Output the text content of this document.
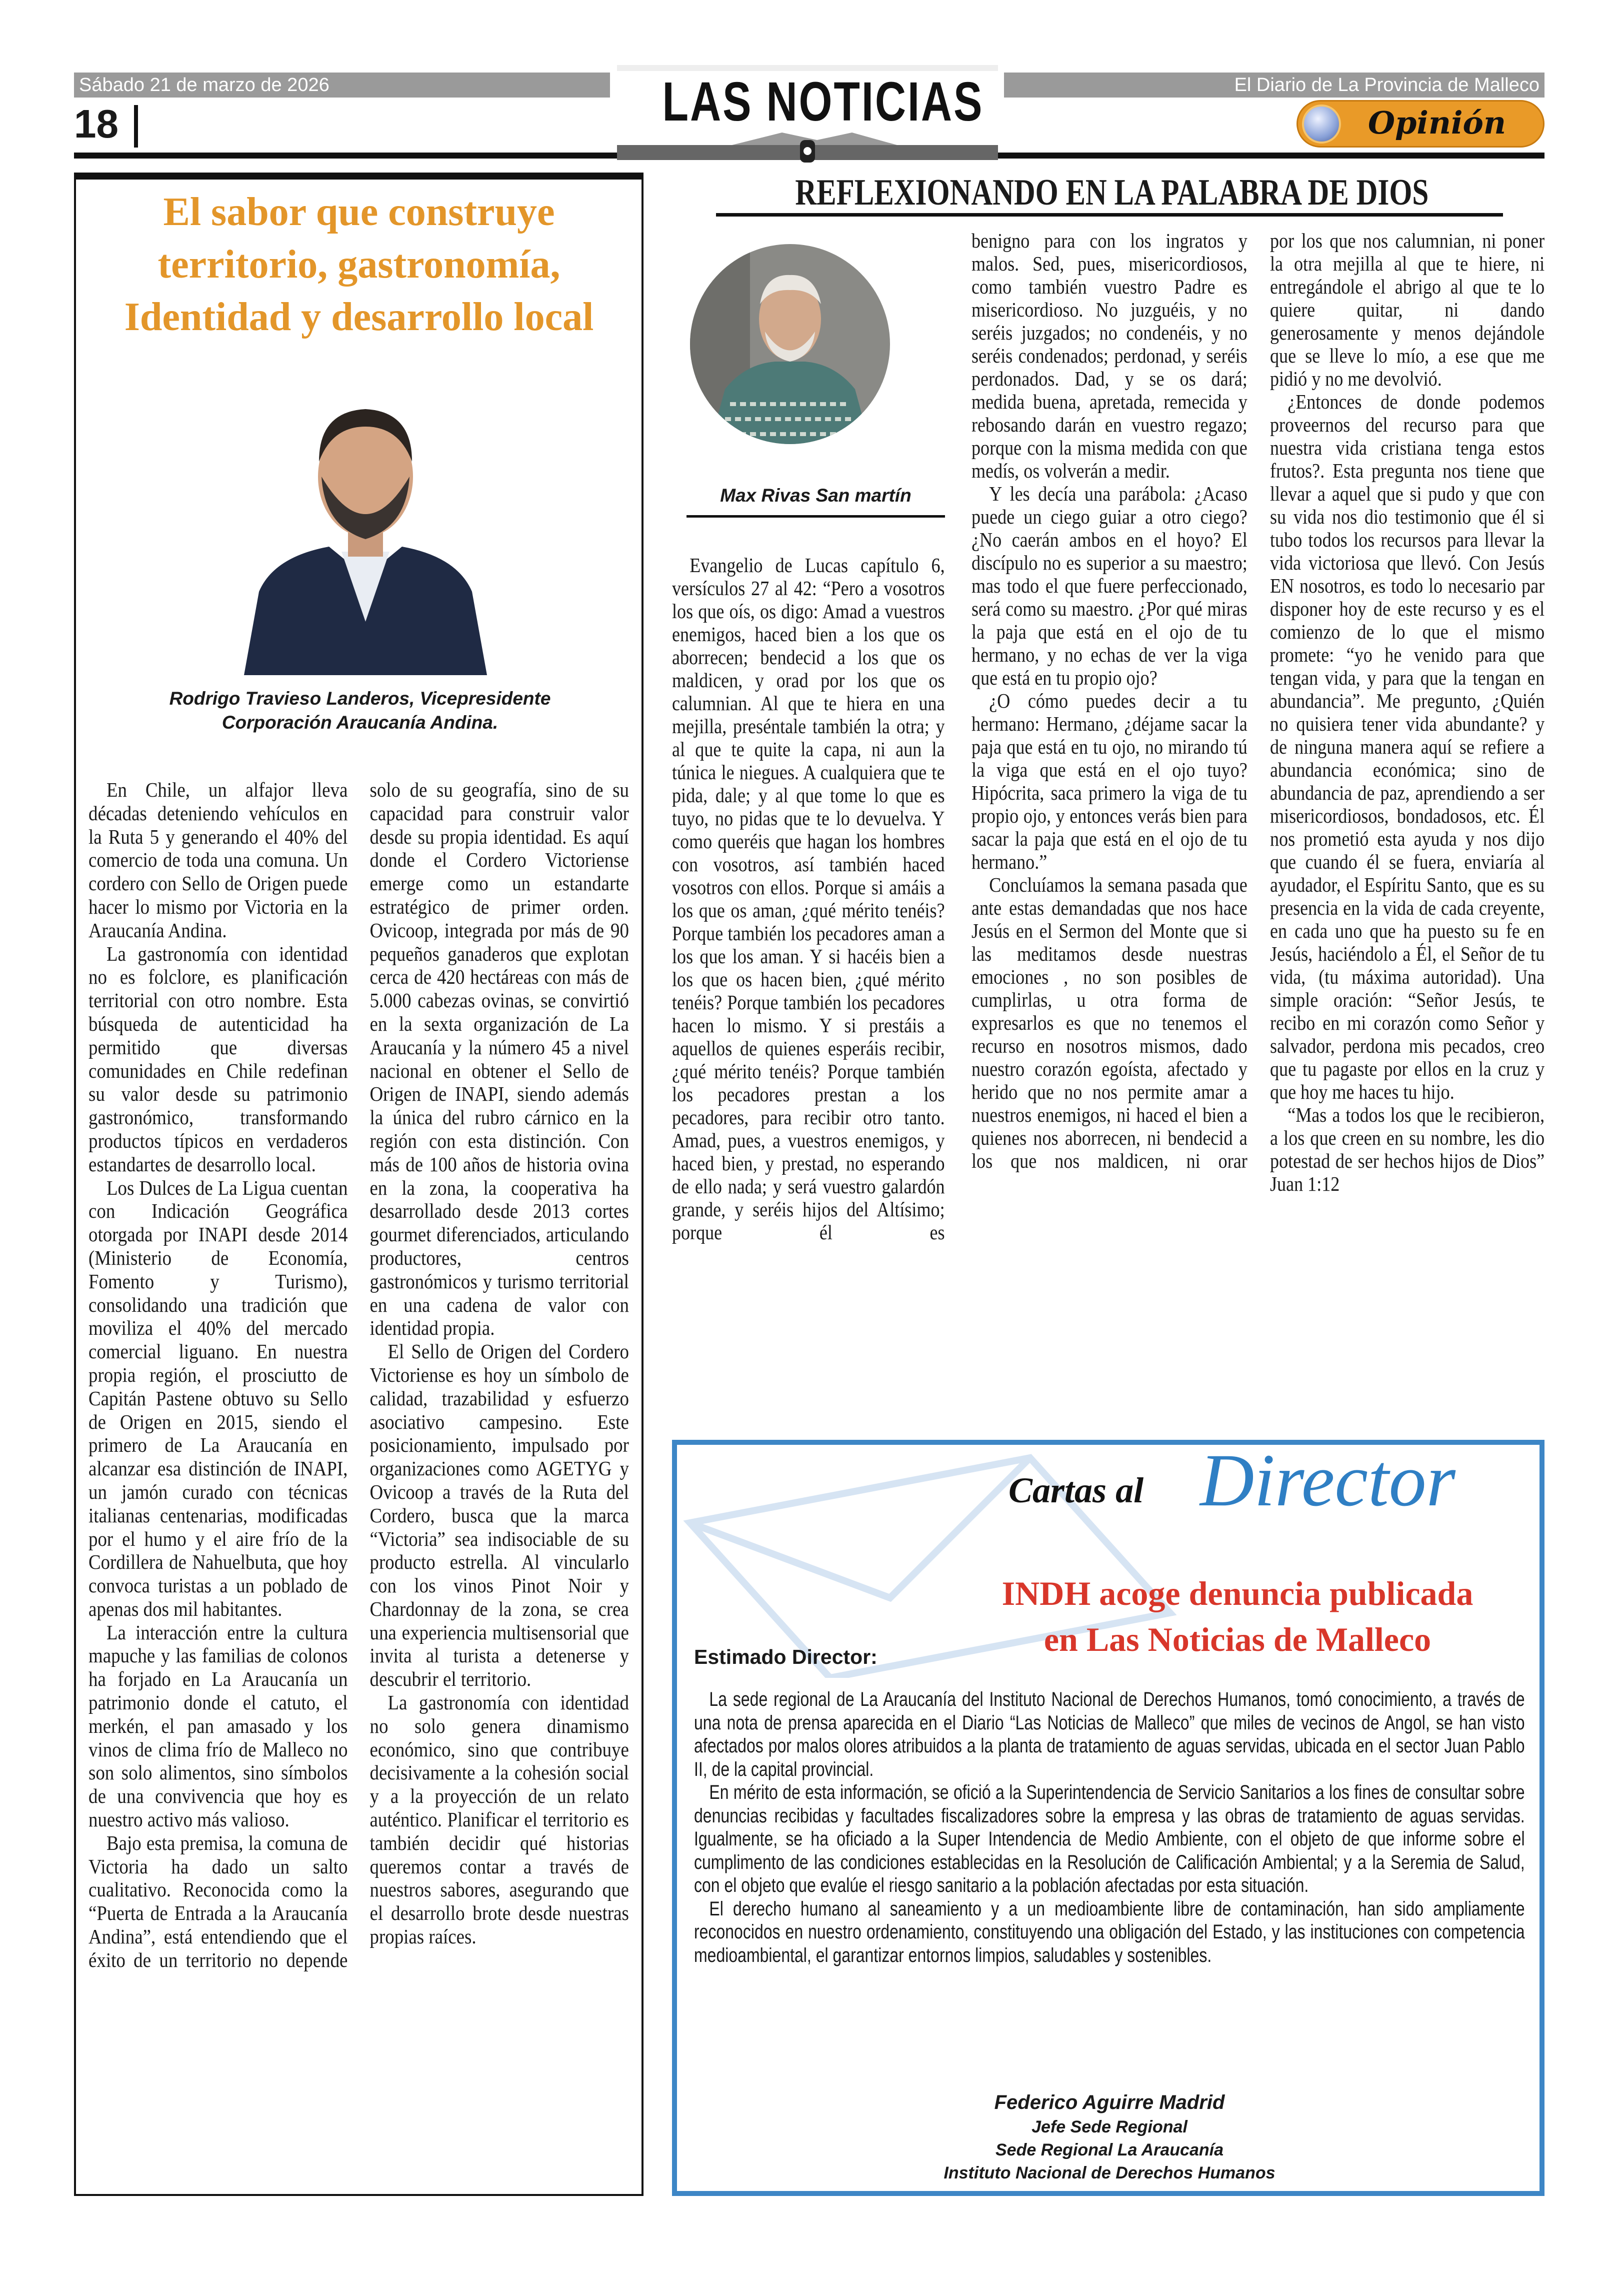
Sábado 21 de marzo de 2026	El Diario de La Provincia de Malleco
18	LAS NOTICIAS	Opinión
El sabor que construye territorio, gastronomía, Identidad y desarrollo local
Rodrigo Travieso Landeros, Vicepresidente
Corporación Araucanía Andina.

En Chile, un alfajor lleva décadas deteniendo vehículos en la Ruta 5 y generando el 40% del comercio de toda una comuna. Un cordero con Sello de Origen puede hacer lo mismo por Victoria en la Araucanía Andina.

La gastronomía con identidad no es folclore, es planificación territorial con otro nombre. Esta búsqueda de autenticidad ha permitido que diversas comunidades en Chile redefinan su valor desde su patrimonio gastronómico, transformando productos típicos en verdaderos estandartes de desarrollo local.

Los Dulces de La Ligua cuentan con Indicación Geográfica otorgada por INAPI desde 2014 (Ministerio de Economía, Fomento y Turismo), consolidando una tradición que moviliza el 40% del mercado comercial liguano. En nuestra propia región, el prosciutto de Capitán Pastene obtuvo su Sello de Origen en 2015, siendo el primero de La Araucanía en alcanzar esa distinción de INAPI, un jamón curado con técnicas italianas centenarias, modificadas por el humo y el aire frío de la Cordillera de Nahuelbuta, que hoy convoca turistas a un poblado de apenas dos mil habitantes.

La interacción entre la cultura mapuche y las familias de colonos ha forjado en La Araucanía un patrimonio donde el catuto, el merkén, el pan amasado y los vinos de clima frío de Malleco no son solo alimentos, sino símbolos de una convivencia que hoy es nuestro activo más valioso.

Bajo esta premisa, la comuna de Victoria ha dado un salto cualitativo. Reconocida como la “Puerta de Entrada a la Araucanía Andina”, está entendiendo que el éxito de un territorio no depende solo de su geografía, sino de su capacidad para construir valor desde su propia identidad. Es aquí donde el Cordero Victoriense emerge como un estandarte estratégico de primer orden. Ovicoop, integrada por más de 90 pequeños ganaderos que explotan cerca de 420 hectáreas con más de 5.000 cabezas ovinas, se convirtió en la sexta organización de La Araucanía y la número 45 a nivel nacional en obtener el Sello de Origen de INAPI, siendo además la única del rubro cárnico en la región con esta distinción. Con más de 100 años de historia ovina en la zona, la cooperativa ha desarrollado desde 2013 cortes gourmet diferenciados, articulando productores, centros gastronómicos y turismo territorial en una cadena de valor con identidad propia.

El Sello de Origen del Cordero Victoriense es hoy un símbolo de calidad, trazabilidad y esfuerzo asociativo campesino. Este posicionamiento, impulsado por organizaciones como AGETYG y Ovicoop a través de la Ruta del Cordero, busca que la marca “Victoria” sea indisociable de su producto estrella. Al vincularlo con los vinos Pinot Noir y Chardonnay de la zona, se crea una experiencia multisensorial que invita al turista a detenerse y descubrir el territorio.

La gastronomía con identidad no solo genera dinamismo económico, sino que contribuye decisivamente a la cohesión social y a la proyección de un relato auténtico. Planificar el territorio es también decidir qué historias queremos contar a través de nuestros sabores, asegurando que el desarrollo brote desde nuestras propias raíces.

REFLEXIONANDO EN LA PALABRA DE DIOS
Max Rivas San martín

Evangelio de Lucas capítulo 6, versículos 27 al 42: “Pero a vosotros los que oís, os digo: Amad a vuestros enemigos, haced bien a los que os aborrecen; bendecid a los que os maldicen, y orad por los que os calumnian. Al que te hiera en una mejilla, preséntale también la otra; y al que te quite la capa, ni aun la túnica le niegues. A cualquiera que te pida, dale; y al que tome lo que es tuyo, no pidas que te lo devuelva. Y como queréis que hagan los hombres con vosotros, así también haced vosotros con ellos. Porque si amáis a los que os aman, ¿qué mérito tenéis? Porque también los pecadores aman a los que los aman. Y si hacéis bien a los que os hacen bien, ¿qué mérito tenéis? Porque también los pecadores hacen lo mismo. Y si prestáis a aquellos de quienes esperáis recibir, ¿qué mérito tenéis? Porque también los pecadores prestan a los pecadores, para recibir otro tanto. Amad, pues, a vuestros enemigos, y haced bien, y prestad, no esperando de ello nada; y será vuestro galardón grande, y seréis hijos del Altísimo; porque él es

benigno para con los ingratos y malos. Sed, pues, misericordiosos, como también vuestro Padre es misericordioso. No juzguéis, y no seréis juzgados; no condenéis, y no seréis condenados; perdonad, y seréis perdonados. Dad, y se os dará; medida buena, apretada, remecida y rebosando darán en vuestro regazo; porque con la misma medida con que medís, os volverán a medir.

Y les decía una parábola: ¿Acaso puede un ciego guiar a otro ciego? ¿No caerán ambos en el hoyo? El discípulo no es superior a su maestro; mas todo el que fuere perfeccionado, será como su maestro. ¿Por qué miras la paja que está en el ojo de tu hermano, y no echas de ver la viga que está en tu propio ojo?

¿O cómo puedes decir a tu hermano: Hermano, ¿déjame sacar la paja que está en tu ojo, no mirando tú la viga que está en el ojo tuyo? Hipócrita, saca primero la viga de tu propio ojo, y entonces verás bien para sacar la paja que está en el ojo de tu hermano.”

Concluíamos la semana pasada que ante estas demandadas que nos hace Jesús en el Sermon del Monte que si las meditamos desde nuestras emociones , no son posibles de cumplirlas, u otra forma de expresarlos es que no tenemos el recurso en nosotros mismos, dado nuestro corazón egoísta, afectado y herido que no nos permite amar a nuestros enemigos, ni haced el bien a quienes nos aborrecen, ni bendecid a los que nos maldicen, ni orar

por los que nos calumnian, ni poner la otra mejilla al que te hiere, ni entregándole el abrigo al que te lo quiere quitar, ni dando generosamente y menos dejándole que se lleve lo mío, a ese que me pidió y no me devolvió.

¿Entonces de donde podemos proveernos del recurso para que nuestra vida cristiana tenga estos frutos?. Esta pregunta nos tiene que llevar a aquel que si pudo y que con su vida nos dio testimonio que él si tubo todos los recursos para llevar la vida victoriosa que llevó. Con Jesús EN nosotros, es todo lo necesario par disponer hoy de este recurso y es el comienzo de lo que el mismo promete: “yo he venido para que tengan vida, y para que la tengan en abundancia”. Me pregunto, ¿Quién no quisiera tener vida abundante? y de ninguna manera aquí se refiere a abundancia económica; sino de abundancia de paz, aprendiendo a ser misericordiosos, bondadosos, etc. Él nos prometió esta ayuda y nos dijo que cuando él se fuera, enviaría al ayudador, el Espíritu Santo, que es su presencia en la vida de cada creyente, en cada uno que ha puesto su fe en Jesús, haciéndolo a Él, el Señor de tu vida, (tu máxima autoridad). Una simple oración: “Señor Jesús, te recibo en mi corazón como Señor y salvador, perdona mis pecados, creo que tu pagaste por ellos en la cruz y que hoy me haces tu hijo.

“Mas a todos los que le recibieron, a los que creen en su nombre, les dio potestad de ser hechos hijos de Dios” Juan 1:12

Cartas al Director
INDH acoge denuncia publicada
en Las Noticias de Malleco
Estimado Director:

La sede regional de La Araucanía del Instituto Nacional de Derechos Humanos, tomó conocimiento, a través de una nota de prensa aparecida en el Diario “Las Noticias de Malleco” que miles de vecinos de Angol, se han visto afectados por malos olores atribuidos a la planta de tratamiento de aguas servidas, ubicada en el sector Juan Pablo II, de la capital provincial.

En mérito de esta información, se ofició a la Superintendencia de Servicio Sanitarios a los fines de consultar sobre denuncias recibidas y facultades fiscalizadores sobre la empresa y las obras de tratamiento de aguas servidas. Igualmente, se ha oficiado a la Super Intendencia de Medio Ambiente, con el objeto de que informe sobre el cumplimento de las condiciones establecidas en la Resolución de Calificación Ambiental; y a la Seremia de Salud, con el objeto que evalúe el riesgo sanitario a la población afectadas por esta situación.

El derecho humano al saneamiento y a un medioambiente libre de contaminación, han sido ampliamente reconocidos en nuestro ordenamiento, constituyendo una obligación del Estado, y las instituciones con competencia medioambiental, el garantizar entornos limpios, saludables y sostenibles.

Federico Aguirre Madrid
Jefe Sede Regional
Sede Regional La Araucanía
Instituto Nacional de Derechos Humanos
